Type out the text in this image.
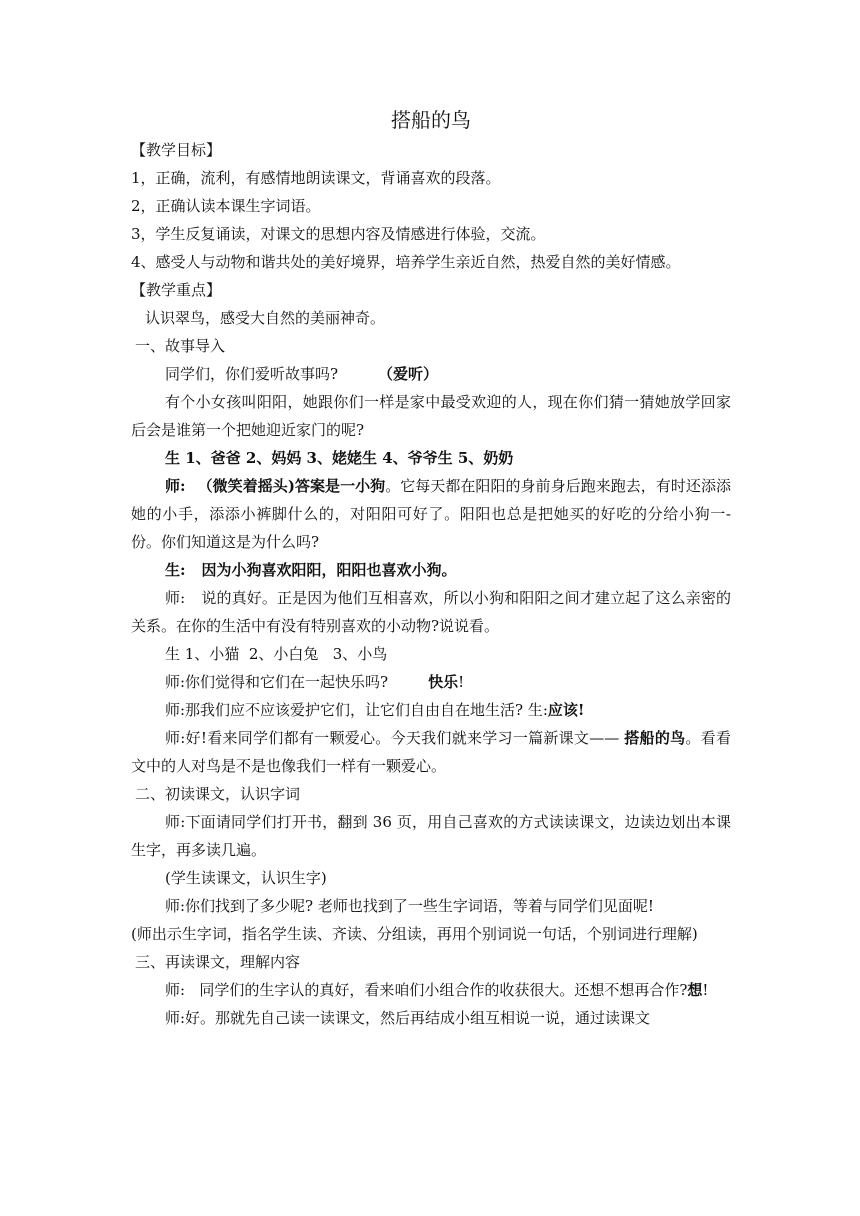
搭船的鸟

【教学目标】

1，正确，流利，有感情地朗读课文，背诵喜欢的段落。

2，正确认读本课生字词语。

3，学生反复诵读，对课文的思想内容及情感进行体验，交流。

4、感受人与动物和谐共处的美好境界，培养学生亲近自然，热爱自然的美好情感。

【教学重点】

认识翠鸟，感受大自然的美丽神奇。

一、故事导入

同学们，你们爱听故事吗?	（爱听）

有个小女孩叫阳阳，她跟你们一样是家中最受欢迎的人，现在你们猜一猜她放学回家后会是谁第一个把她迎近家门的呢?

生 1、爸爸 2、妈妈 3、姥姥生 4、爷爷生 5、奶奶

师: （微笑着摇头)答案是一小狗。它每天都在阳阳的身前身后跑来跑去，有时还添添她的小手，添添小裤脚什么的，对阳阳可好了。阳阳也总是把她买的好吃的分给小狗一-份。你们知道这是为什么吗?

生: 因为小狗喜欢阳阳，阳阳也喜欢小狗。

师: 说的真好。正是因为他们互相喜欢，所以小狗和阳阳之间才建立起了这么亲密的关系。在你的生活中有没有特别喜欢的小动物?说说看。

生 1、小猫  2、小白兔   3、小鸟

师:你们觉得和它们在一起快乐吗?	快乐!

师:那我们应不应该爱护它们，让它们自由自在地生活? 生:应该!

师:好!看来同学们都有一颗爱心。今天我们就来学习一篇新课文—— 搭船的鸟。看看文中的人对鸟是不是也像我们一样有一颗爱心。

二、初读课文，认识字词

师:下面请同学们打开书，翻到 36 页，用自己喜欢的方式读读课文，边读边划出本课生字，再多读几遍。

(学生读课文，认识生字)

师:你们找到了多少呢? 老师也找到了一些生字词语，等着与同学们见面呢!

(师出示生字词，指名学生读、齐读、分组读，再用个别词说一句话，个别词进行理解)

三、再读课文，理解内容

师:   同学们的生字认的真好，看来咱们小组合作的收获很大。还想不想再合作?想!

师:好。那就先自己读一读课文，然后再结成小组互相说一说，通过读课文
